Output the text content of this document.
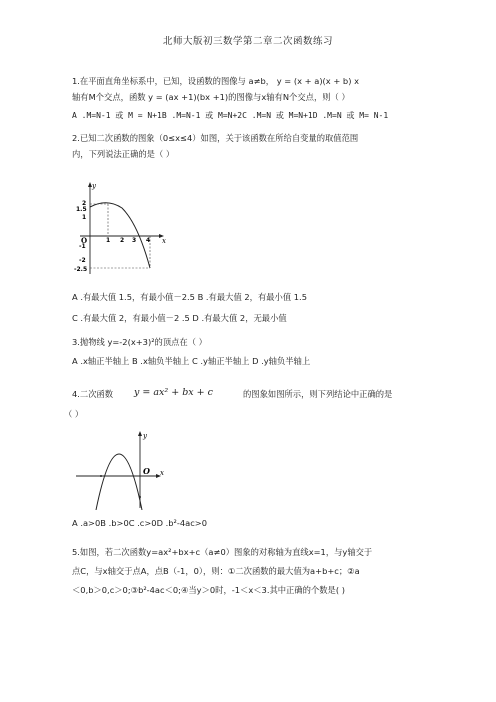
北师大版初三数学第二章二次函数练习
1.在平面直角坐标系中，已知，设函数的图像与 a≠b， y = (x + a)(x + b) x
轴有M个交点，函数 y = (ax +1)(bx +1)的图像与x轴有N个交点，则（ ）
A .M=N-1 或 M = N+1B .M=N-1 或 M=N+2C .M=N 或 M=N+1D .M=N 或 M= N-1
2.已知二次函数的图象（0≤x≤4）如图，关于该函数在所给自变量的取值范围
内，下列说法正确的是（ ）
y
x
O
2
1.5
1
-1
-2
-2.5
1 2 3 4
A .有最大值 1.5，有最小值－2.5 B .有最大值 2，有最小值 1.5
C .有最大值 2，有最小值－2 .5 D .有最大值 2，无最小值
3.抛物线 y=-2(x+3)²的顶点在（ ）
A .x轴正半轴上 B .x轴负半轴上 C .y轴正半轴上 D .y轴负半轴上
4.二次函数 y = ax² + bx + c	的图象如图所示，则下列结论中正确的是
（ ）
y
x
O
A .a>0B .b>0C .c>0D .b²-4ac>0
5.如图，若二次函数y=ax²+bx+c（a≠0）图象的对称轴为直线x=1，与y轴交于
点C，与x轴交于点A，点B（-1，0），则：①二次函数的最大值为a+b+c；②a
＜0,b＞0,c＞0;③b²-4ac＜0;④当y＞0时，-1＜x＜3.其中正确的个数是( )
